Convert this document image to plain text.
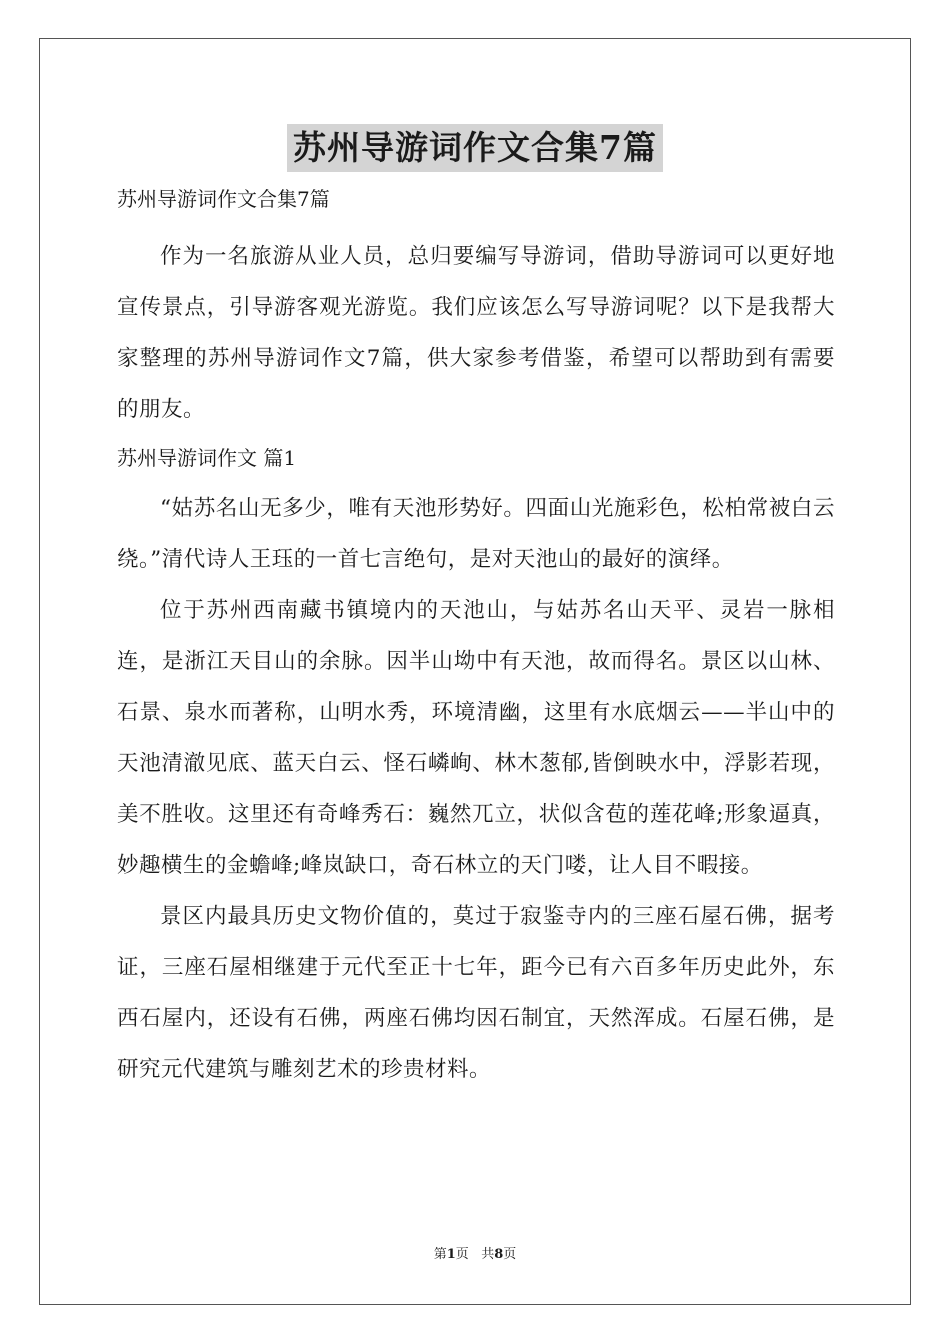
苏州导游词作文合集7篇

苏州导游词作文合集7篇

作为一名旅游从业人员，总归要编写导游词，借助导游词可以更好地宣传景点，引导游客观光游览。我们应该怎么写导游词呢？以下是我帮大家整理的苏州导游词作文7篇，供大家参考借鉴，希望可以帮助到有需要的朋友。

苏州导游词作文 篇1

“姑苏名山无多少，唯有天池形势好。四面山光施彩色，松柏常被白云绕。”清代诗人王珏的一首七言绝句，是对天池山的最好的演绎。

位于苏州西南藏书镇境内的天池山，与姑苏名山天平、灵岩一脉相连，是浙江天目山的余脉。因半山坳中有天池，故而得名。景区以山林、石景、泉水而著称，山明水秀，环境清幽，这里有水底烟云——半山中的天池清澈见底、蓝天白云、怪石嶙峋、林木葱郁,皆倒映水中，浮影若现，美不胜收。这里还有奇峰秀石：巍然兀立，状似含苞的莲花峰;形象逼真，妙趣横生的金蟾峰;峰岚缺口，奇石林立的天门喽，让人目不暇接。

景区内最具历史文物价值的，莫过于寂鉴寺内的三座石屋石佛，据考证，三座石屋相继建于元代至正十七年，距今已有六百多年历史此外，东西石屋内，还设有石佛，两座石佛均因石制宜，天然浑成。石屋石佛，是研究元代建筑与雕刻艺术的珍贵材料。

第1页   共8页
